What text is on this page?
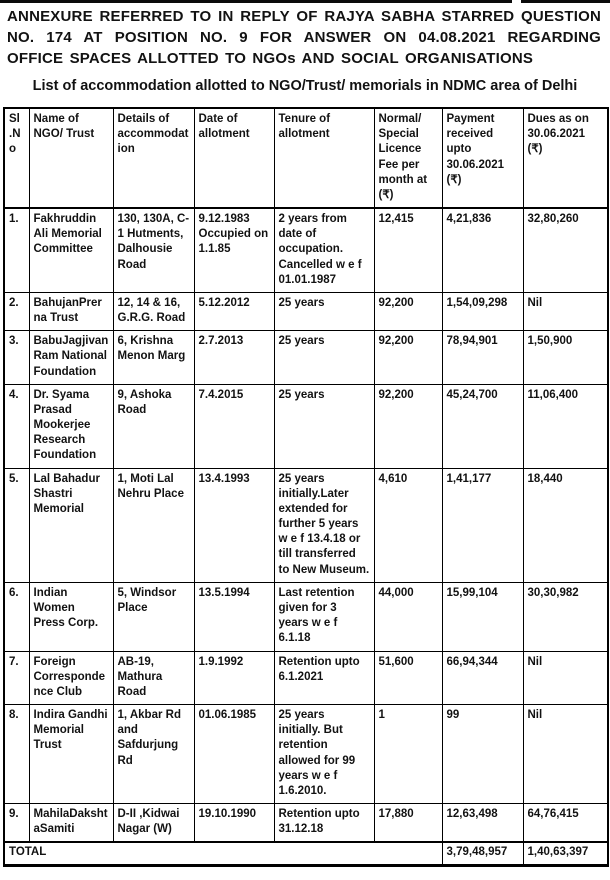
ANNEXURE REFERRED TO IN REPLY OF RAJYA SABHA STARRED QUESTION NO. 174 AT POSITION NO. 9 FOR ANSWER ON 04.08.2021 REGARDING OFFICE SPACES ALLOTTED TO NGOs AND SOCIAL ORGANISATIONS

List of accommodation allotted to NGO/Trust/ memorials in NDMC area of Delhi

Sl .N o	Name of NGO/ Trust	Details of accommodation	Date of allotment	Tenure of allotment	Normal/ Special Licence Fee per month at (₹)	Payment received upto 30.06.2021 (₹)	Dues as on 30.06.2021 (₹)
1.	Fakhruddin Ali Memorial Committee	130, 130A, C-1 Hutments, Dalhousie Road	9.12.1983 Occupied on 1.1.85	2 years from date of occupation. Cancelled w e f 01.01.1987	12,415	4,21,836	32,80,260
2.	BahujanPrerna Trust	12, 14 & 16, G.R.G. Road	5.12.2012	25 years	92,200	1,54,09,298	Nil
3.	BabuJagjivan Ram National Foundation	6, Krishna Menon Marg	2.7.2013	25 years	92,200	78,94,901	1,50,900
4.	Dr. Syama Prasad Mookerjee Research Foundation	9, Ashoka Road	7.4.2015	25 years	92,200	45,24,700	11,06,400
5.	Lal Bahadur Shastri Memorial	1, Moti Lal Nehru Place	13.4.1993	25 years initially.Later extended for further 5 years w e f 13.4.18 or till transferred to New Museum.	4,610	1,41,177	18,440
6.	Indian Women Press Corp.	5, Windsor Place	13.5.1994	Last retention given for 3 years w e f 6.1.18	44,000	15,99,104	30,30,982
7.	Foreign Correspondence Club	AB-19, Mathura Road	1.9.1992	Retention upto 6.1.2021	51,600	66,94,344	Nil
8.	Indira Gandhi Memorial Trust	1, Akbar Rd and Safdurjung Rd	01.06.1985	25 years initially. But retention allowed for 99 years w e f 1.6.2010.	1	99	Nil
9.	MahilaDakshtaSamiti	D-II ,Kidwai Nagar (W)	19.10.1990	Retention upto 31.12.18	17,880	12,63,498	64,76,415
TOTAL						3,79,48,957	1,40,63,397
